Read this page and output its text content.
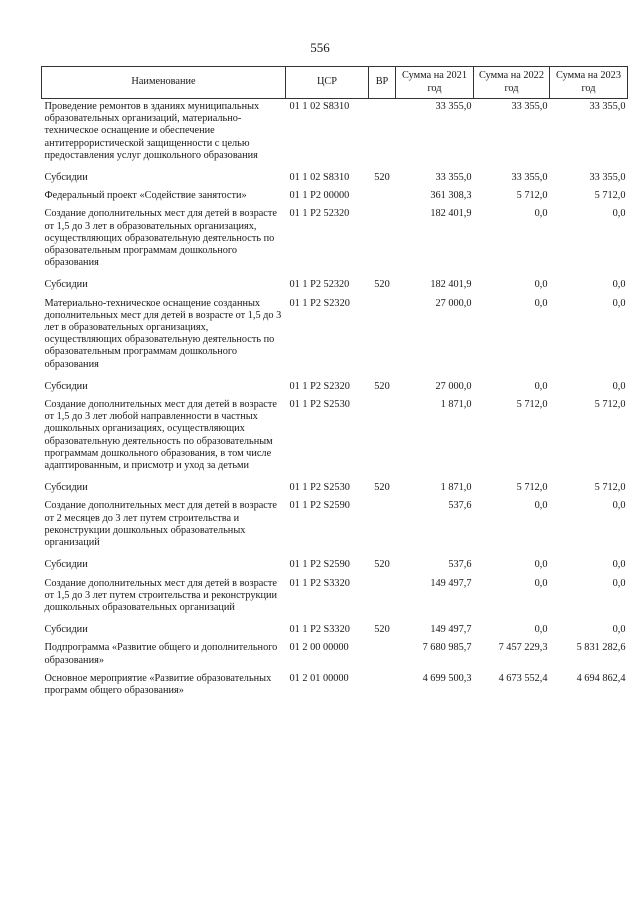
556
Наименование	ЦСР	ВР	Сумма на 2021 год	Сумма на 2022 год	Сумма на 2023 год
Проведение ремонтов в зданиях муниципальных образовательных организаций, материально-техническое оснащение и обеспечение антитеррористической защищенности с целью предоставления услуг дошкольного образования	01 1 02 S8310		33 355,0	33 355,0	33 355,0
Субсидии	01 1 02 S8310	520	33 355,0	33 355,0	33 355,0
Федеральный проект «Содействие занятости»	01 1 P2 00000		361 308,3	5 712,0	5 712,0
Создание дополнительных мест для детей в возрасте от 1,5 до 3 лет в образовательных организациях, осуществляющих образовательную деятельность по образовательным программам дошкольного образования	01 1 P2 52320		182 401,9	0,0	0,0
Субсидии	01 1 P2 52320	520	182 401,9	0,0	0,0
Материально-техническое оснащение созданных дополнительных мест для детей в возрасте от 1,5 до 3 лет в образовательных организациях, осуществляющих образовательную деятельность по образовательным программам дошкольного образования	01 1 P2 S2320		27 000,0	0,0	0,0
Субсидии	01 1 P2 S2320	520	27 000,0	0,0	0,0
Создание дополнительных мест для детей в возрасте от 1,5 до 3 лет любой направленности в частных дошкольных организациях, осуществляющих образовательную деятельность по образовательным программам дошкольного образования, в том числе адаптированным, и присмотр и уход за детьми	01 1 P2 S2530		1 871,0	5 712,0	5 712,0
Субсидии	01 1 P2 S2530	520	1 871,0	5 712,0	5 712,0
Создание дополнительных мест для детей в возрасте от 2 месяцев до 3 лет путем строительства и реконструкции дошкольных образовательных организаций	01 1 P2 S2590		537,6	0,0	0,0
Субсидии	01 1 P2 S2590	520	537,6	0,0	0,0
Создание дополнительных мест для детей в возрасте от 1,5 до 3 лет путем строительства и реконструкции дошкольных образовательных организаций	01 1 P2 S3320		149 497,7	0,0	0,0
Субсидии	01 1 P2 S3320	520	149 497,7	0,0	0,0
Подпрограмма «Развитие общего и дополнительного образования»	01 2 00 00000		7 680 985,7	7 457 229,3	5 831 282,6
Основное мероприятие «Развитие образовательных программ общего образования»	01 2 01 00000		4 699 500,3	4 673 552,4	4 694 862,4
